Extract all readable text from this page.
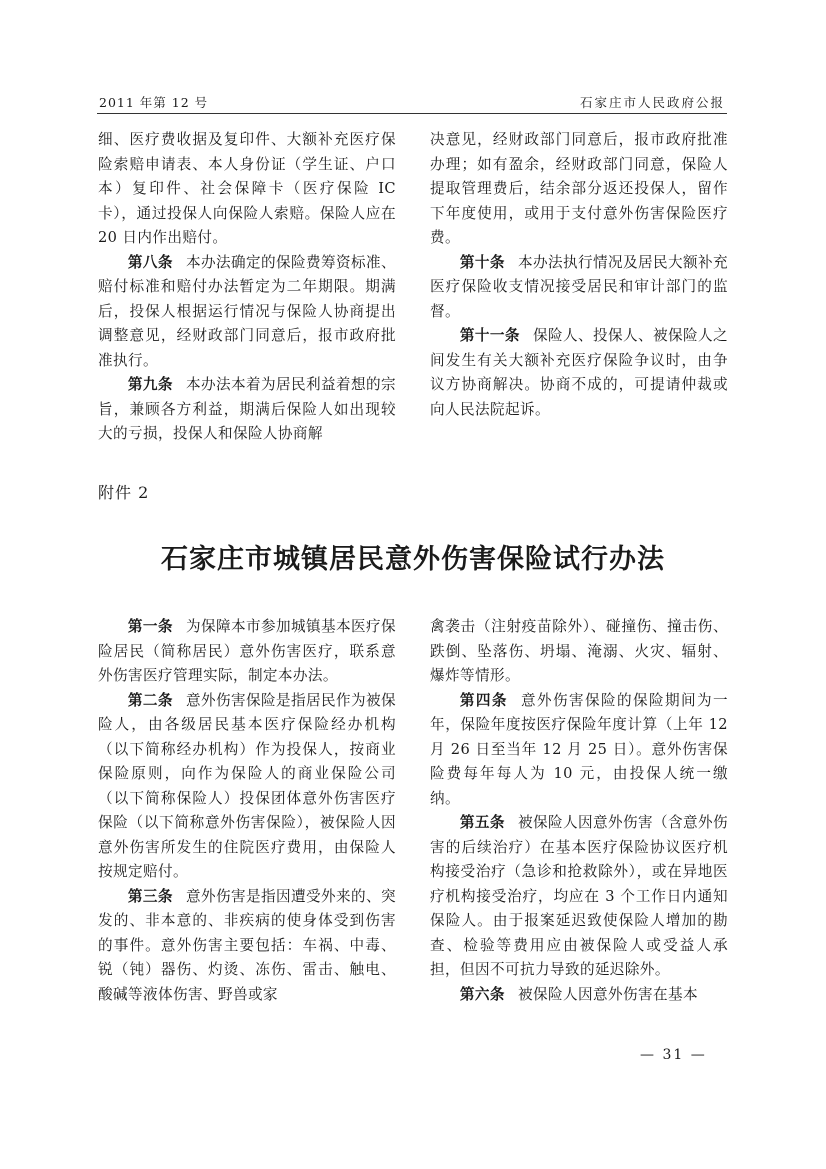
2011 年第 12 号	石家庄市人民政府公报

细、医疗费收据及复印件、大额补充医疗保险索赔申请表、本人身份证（学生证、户口本）复印件、社会保障卡（医疗保险 IC 卡），通过投保人向保险人索赔。保险人应在 20 日内作出赔付。

第八条 本办法确定的保险费筹资标准、赔付标准和赔付办法暂定为二年期限。期满后，投保人根据运行情况与保险人协商提出调整意见，经财政部门同意后，报市政府批准执行。

第九条 本办法本着为居民利益着想的宗旨，兼顾各方利益，期满后保险人如出现较大的亏损，投保人和保险人协商解

决意见，经财政部门同意后，报市政府批准办理；如有盈余，经财政部门同意，保险人提取管理费后，结余部分返还投保人，留作下年度使用，或用于支付意外伤害保险医疗费。

第十条 本办法执行情况及居民大额补充医疗保险收支情况接受居民和审计部门的监督。

第十一条 保险人、投保人、被保险人之间发生有关大额补充医疗保险争议时，由争议方协商解决。协商不成的，可提请仲裁或向人民法院起诉。

附件 2
石家庄市城镇居民意外伤害保险试行办法

第一条 为保障本市参加城镇基本医疗保险居民（简称居民）意外伤害医疗，联系意外伤害医疗管理实际，制定本办法。

第二条 意外伤害保险是指居民作为被保险人，由各级居民基本医疗保险经办机构（以下简称经办机构）作为投保人，按商业保险原则，向作为保险人的商业保险公司（以下简称保险人）投保团体意外伤害医疗保险（以下简称意外伤害保险），被保险人因意外伤害所发生的住院医疗费用，由保险人按规定赔付。

第三条 意外伤害是指因遭受外来的、突发的、非本意的、非疾病的使身体受到伤害的事件。意外伤害主要包括：车祸、中毒、锐（钝）器伤、灼烫、冻伤、雷击、触电、酸碱等液体伤害、野兽或家

禽袭击（注射疫苗除外）、碰撞伤、撞击伤、跌倒、坠落伤、坍塌、淹溺、火灾、辐射、爆炸等情形。

第四条 意外伤害保险的保险期间为一年，保险年度按医疗保险年度计算（上年 12 月 26 日至当年 12 月 25 日）。意外伤害保险费每年每人为 10 元，由投保人统一缴纳。

第五条 被保险人因意外伤害（含意外伤害的后续治疗）在基本医疗保险协议医疗机构接受治疗（急诊和抢救除外），或在异地医疗机构接受治疗，均应在 3 个工作日内通知保险人。由于报案延迟致使保险人增加的勘查、检验等费用应由被保险人或受益人承担，但因不可抗力导致的延迟除外。

第六条 被保险人因意外伤害在基本

— 31 —
